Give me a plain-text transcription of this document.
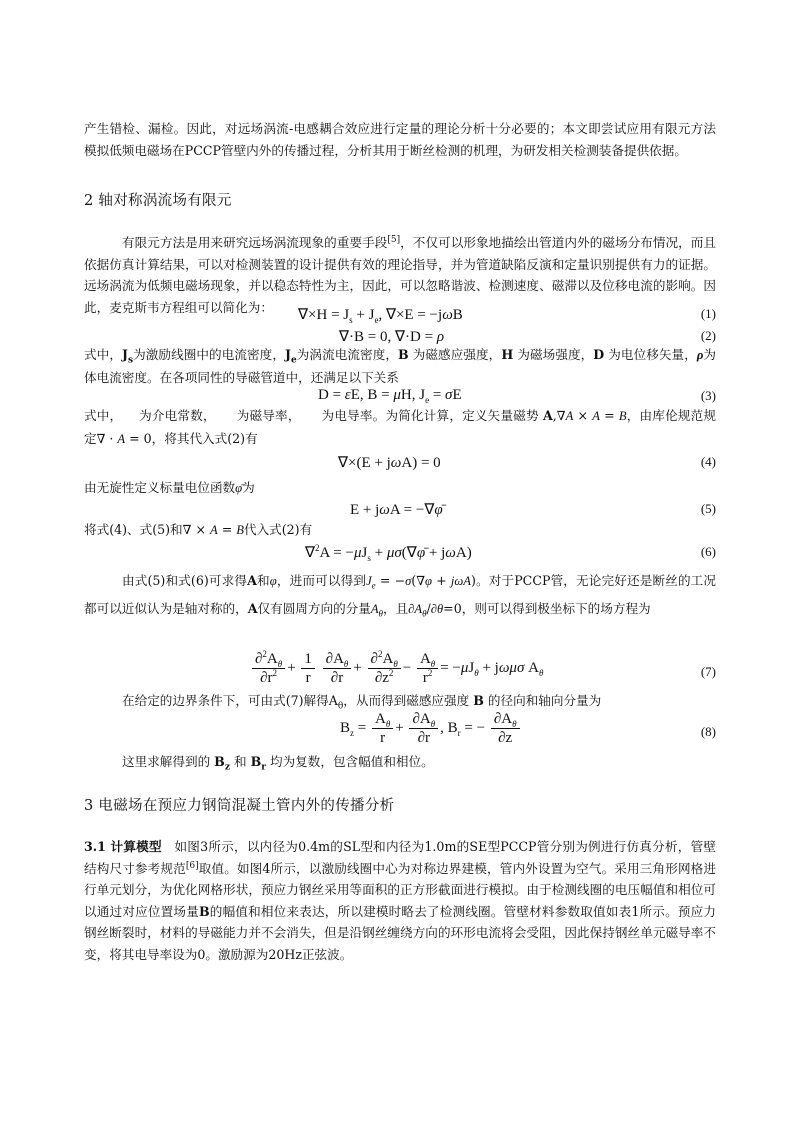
产生错检、漏检。因此，对远场涡流-电感耦合效应进行定量的理论分析十分必要的；本文即尝试应用有限元方法模拟低频电磁场在PCCP管壁内外的传播过程，分析其用于断丝检测的机理，为研发相关检测装备提供依据。

2 轴对称涡流场有限元

有限元方法是用来研究远场涡流现象的重要手段[5]，不仅可以形象地描绘出管道内外的磁场分布情况，而且依据仿真计算结果，可以对检测装置的设计提供有效的理论指导，并为管道缺陷反演和定量识别提供有力的证据。远场涡流为低频电磁场现象，并以稳态特性为主，因此，可以忽略谐波、检测速度、磁滞以及位移电流的影响。因此，麦克斯韦方程组可以简化为：	$\nabla\times H = J_s + J_e$, ∇×E = −jωB	(1)
∇·B = 0, ∇·D = ρ	(2)

式中，$J_s$为激励线圈中的电流密度，$J_e$为涡流电流密度，B 为磁感应强度，H 为磁场强度，D 为电位移矢量，ρ为体电流密度。在各项同性的导磁管道中，还满足以下关系

D = εE, B = μH, $J_e = \sigma E$	(3)

式中，    为介电常数，     为磁导率，     为电导率。为简化计算，定义矢量磁势 A,∇A × A = B，由库伦规范规定∇ · A = 0，将其代入式(2)有

∇×(E + jωA) = 0	(4)

由无旋性定义标量电位函数φ̄为

E + jωA = −∇φ̄	(5)

将式(4)、式(5)和∇ × A = B代入式(2)有

$\nabla^2A = -\mu J_s$ + μσ(∇φ̄ + jωA)	(6)

由式(5)和式(6)可求得A和φ，进而可以得到$J_e = -\sigma(\nabla\varphi + j\omega A)$。对于PCCP管，无论完好还是断丝的工况都可以近似认为是轴对称的，A仅有圆周方向的分量$A_\theta$，且$\partial A_\theta/\partial\theta=0$，则可以得到极坐标下的场方程为

$\frac{\partial^2A_\theta}{\partial r^2} + \frac{1}{r}$
$\frac{\partial A_\theta}{\partial r} + \frac{\partial^2A_\theta}{\partial z^2} - \frac{A_\theta}{r^2} = -\mu J_\theta + j\omega\mu\sigma$ $A_\theta$	(7)

在给定的边界条件下，可由式(7)解得$A_\theta$，从而得到磁感应强度 B 的径向和轴向分量为

$B_z = \frac{A_\theta}{r} + \frac{\partial A_\theta}{\partial r}$ , $B_r$ = − $\frac{\partial A_\theta}{\partial z}$	(8)

这里求解得到的 $B_z$ 和 $B_r$ 均为复数，包含幅值和相位。

3 电磁场在预应力钢筒混凝土管内外的传播分析

3.1 计算模型   如图3所示，以内径为0.4m的SL型和内径为1.0m的SE型PCCP管分别为例进行仿真分析，管壁结构尺寸参考规范[6]取值。如图4所示，以激励线圈中心为对称边界建模，管内外设置为空气。采用三角形网格进行单元划分，为优化网格形状，预应力钢丝采用等面积的正方形截面进行模拟。由于检测线圈的电压幅值和相位可以通过对应位置场量B的幅值和相位来表达，所以建模时略去了检测线圈。管壁材料参数取值如表1所示。预应力钢丝断裂时，材料的导磁能力并不会消失，但是沿钢丝缠绕方向的环形电流将会受阻，因此保持钢丝单元磁导率不变，将其电导率设为0。激励源为20Hz正弦波。
